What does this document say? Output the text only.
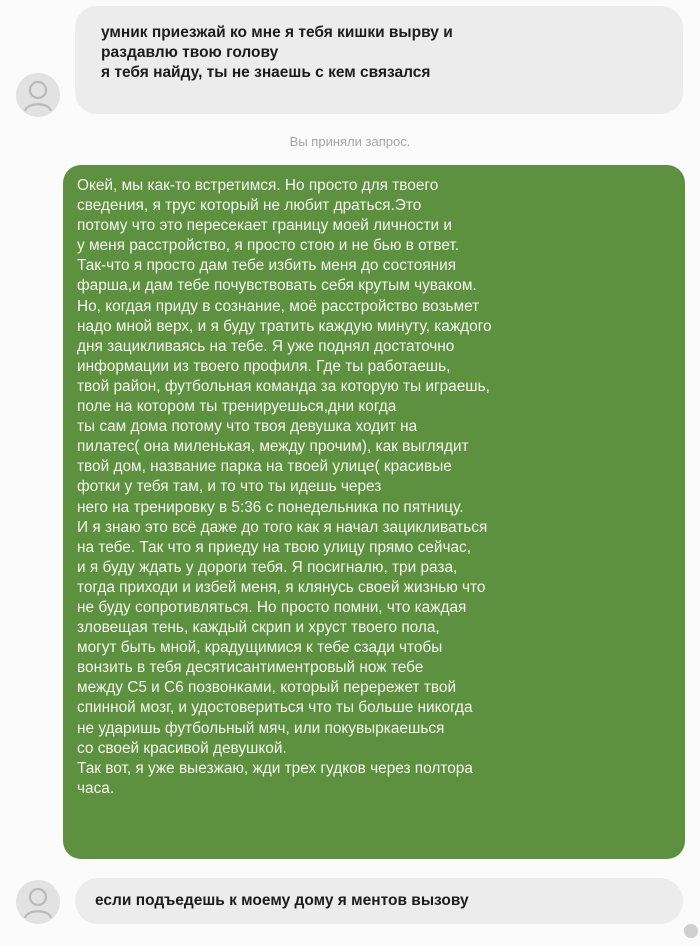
умник приезжай ко мне я тебя кишки вырву и
раздавлю твою голову
я тебя найду, ты не знаешь с кем связался
Вы приняли запрос.
Окей, мы как-то встретимся. Но просто для твоего
сведения, я трус который не любит драться.Это
потому что это пересекает границу моей личности и
у меня расстройство, я просто стою и не бью в ответ.
Так-что я просто дам тебе избить меня до состояния
фарша,и дам тебе почувствовать себя крутым чуваком.
Но, когдая приду в сознание, моё расстройство возьмет
надо мной верх, и я буду тратить каждую минуту, каждого
дня зацикливаясь на тебе. Я уже поднял достаточно
информации из твоего профиля. Где ты работаешь,
твой район, футбольная команда за которую ты играешь,
поле на котором ты тренируешься,дни когда
ты сам дома потому что твоя девушка ходит на
пилатес( она миленькая, между прочим), как выглядит
твой дом, название парка на твоей улице( красивые
фотки у тебя там, и то что ты идешь через
него на тренировку в 5:36 с понедельника по пятницу.
И я знаю это всё даже до того как я начал зацикливаться
на тебе. Так что я приеду на твою улицу прямо сейчас,
и я буду ждать у дороги тебя. Я посигналю, три раза,
тогда приходи и избей меня, я клянусь своей жизнью что
не буду сопротивляться. Но просто помни, что каждая
зловещая тень, каждый скрип и хруст твоего пола,
могут быть мной, крадущимися к тебе сзади чтобы
вонзить в тебя десятисантиментровый нож тебе
между С5 и С6 позвонками, который перережет твой
спинной мозг, и удостовериться что ты больше никогда
не ударишь футбольный мяч, или покувыркаешься
со своей красивой девушкой.
Так вот, я уже выезжаю, жди трех гудков через полтора
часа.
если подъедешь к моему дому я ментов вызову
